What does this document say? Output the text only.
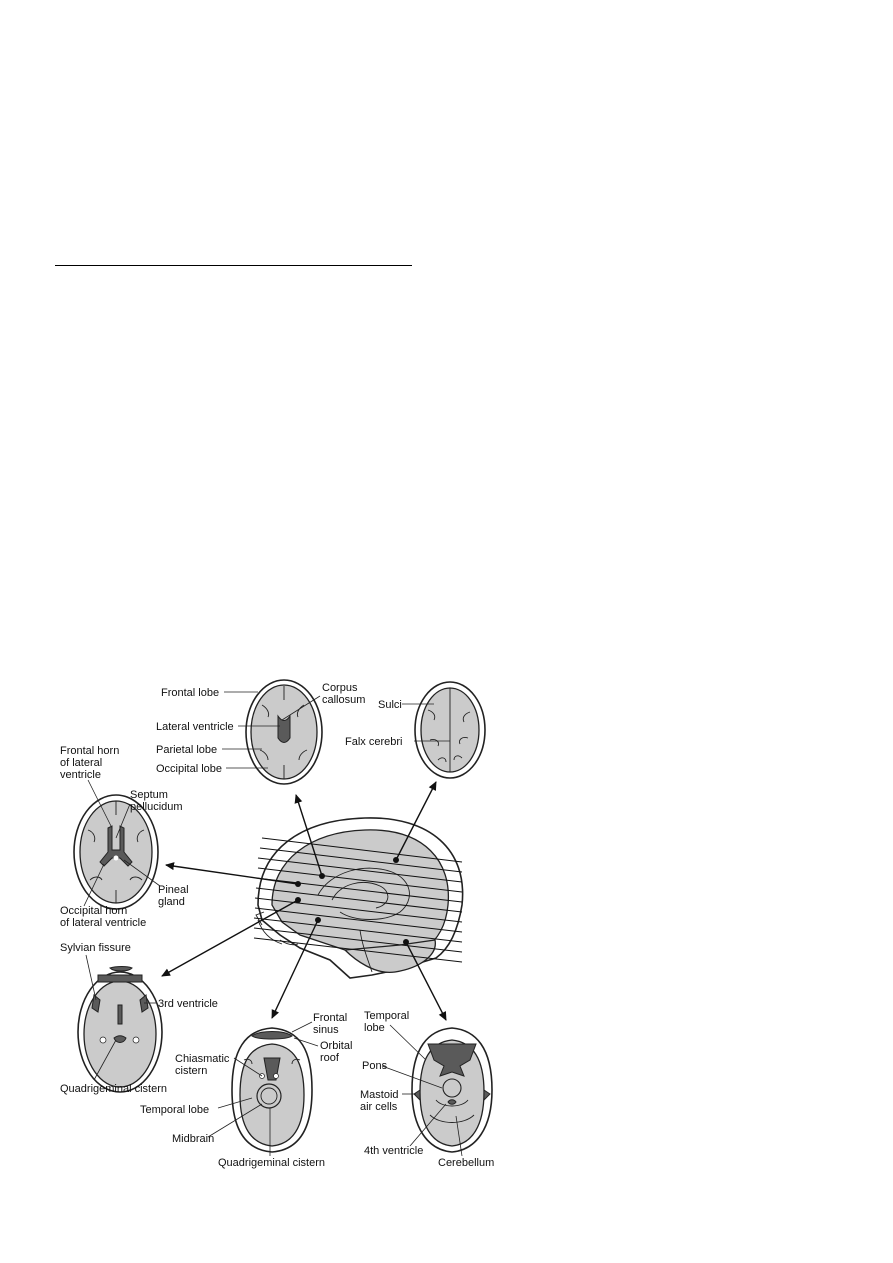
Frontal lobe	Corpus
callosum
Lateral ventricle
Parietal lobe
Occipital lobe
Sulci
Falx cerebri
Frontal horn
of lateral
ventricle
Septum
pellucidum
Pineal
gland
Occipital horn
of lateral ventricle
Sylvian fissure
3rd ventricle
Quadrigeminal cistern
Frontal
sinus
Orbital
roof
Chiasmatic
cistern
Temporal lobe
Midbrain
Quadrigeminal cistern
Temporal
lobe
Pons
Mastoid
air cells
4th ventricle
Cerebellum
